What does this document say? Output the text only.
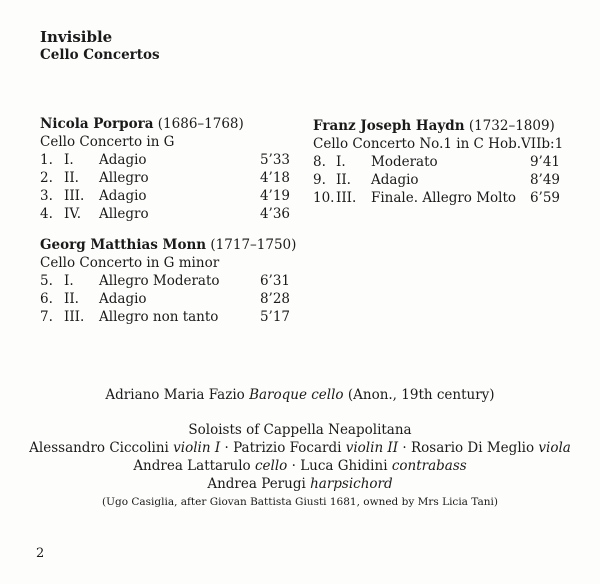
Invisible
Cello Concertos
Nicola Porpora (1686–1768)
Cello Concerto in G
1. I. Adagio	5’33
2. II. Allegro	4’18
3. III. Adagio	4’19
4. IV. Allegro	4’36
Georg Matthias Monn (1717–1750)
Cello Concerto in G minor
5. I. Allegro Moderato	6’31
6. II. Adagio	8’28
7. III. Allegro non tanto	5’17
Franz Joseph Haydn (1732–1809)
Cello Concerto No.1 in C Hob.VIIb:1
8. I. Moderato	9’41
9. II. Adagio	8’49
10. III. Finale. Allegro Molto 6’59
Adriano Maria Fazio Baroque cello (Anon., 19th century)
Soloists of Cappella Neapolitana
Alessandro Ciccolini violin I · Patrizio Focardi violin II · Rosario Di Meglio viola
Andrea Lattarulo cello · Luca Ghidini contrabass
Andrea Perugi harpsichord
(Ugo Casiglia, after Giovan Battista Giusti 1681, owned by Mrs Licia Tani)
2
